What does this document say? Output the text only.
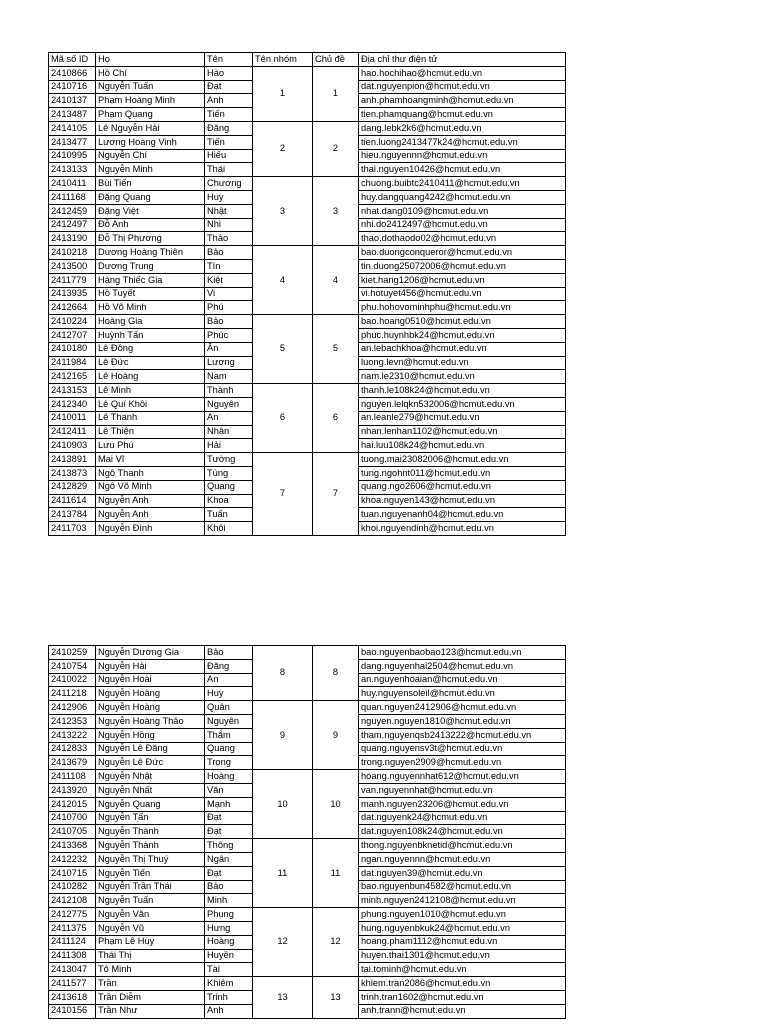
Mã số ID	Họ	Tên	Tên nhóm	Chủ đề	Địa chỉ thư điện tử
2410866	Hồ Chí	Hào	1	1	hao.hochihao@hcmut.edu.vn
2410716	Nguyễn Tuấn	Đạt			dat.nguyenpion@hcmut.edu.vn
2410137	Phạm Hoàng Minh	Anh			anh.phamhoangminh@hcmut.edu.vn
2413487	Phạm Quang	Tiến			tien.phamquang@hcmut.edu.vn
2414105	Lê Nguyễn Hải	Đăng	2	2	dang.lebk2k6@hcmut.edu.vn
2413477	Lương Hoàng Vinh	Tiến			tien.luong2413477k24@hcmut.edu.vn
2410995	Nguyễn Chí	Hiếu			hieu.nguyennn@hcmut.edu.vn
2413133	Nguyễn Minh	Thái			thai.nguyen10426@hcmut.edu.vn
2410411	Bùi Tiến	Chương	3	3	chuong.buibtc2410411@hcmut.edu.vn
2411168	Đặng Quang	Huy			huy.dangquang4242@hcmut.edu.vn
2412459	Đặng Việt	Nhật			nhat.dang0109@hcmut.edu.vn
2412497	Đỗ Anh	Nhi			nhi.do2412497@hcmut.edu.vn
2413190	Đỗ Thị Phương	Thảo			thao.dothaodo02@hcmut.edu.vn
2410218	Dương Hoàng Thiên	Bảo	4	4	bao.duongconqueror@hcmut.edu.vn
2413500	Dương Trung	Tín			tin.duong25072006@hcmut.edu.vn
2411779	Hàng Thiếc Gia	Kiệt			kiet.hang1206@hcmut.edu.vn
2413935	Hồ Tuyết	Vi			vi.hotuyet456@hcmut.edu.vn
2412664	Hồ Võ Minh	Phú			phu.hohovominhphu@hcmut.edu.vn
2410224	Hoàng Gia	Bảo	5	5	bao.hoang0510@hcmut.edu.vn
2412707	Huỳnh Tấn	Phúc			phuc.huynhbk24@hcmut.edu.vn
2410180	Lê Đông	Ân			an.lebachkhoa@hcmut.edu.vn
2411984	Lê Đức	Lương			luong.levn@hcmut.edu.vn
2412165	Lê Hoàng	Nam			nam.le2310@hcmut.edu.vn
2413153	Lê Minh	Thành	6	6	thanh.le108k24@hcmut.edu.vn
2412340	Lê Quí Khôi	Nguyên			nguyen.lelqkn532006@hcmut.edu.vn
2410011	Lê Thanh	An			an.leanle279@hcmut.edu.vn
2412411	Lê Thiện	Nhân			nhan.lenhan1102@hcmut.edu.vn
2410903	Lưu Phú	Hải			hai.luu108k24@hcmut.edu.vn
2413891	Mai Vĩ	Tường	7	7	tuong.mai23082006@hcmut.edu.vn
2413873	Ngô Thanh	Tùng			tung.ngohnt011@hcmut.edu.vn
2412829	Ngô Võ Minh	Quang			quang.ngo2606@hcmut.edu.vn
2411614	Nguyễn Anh	Khoa			khoa.nguyen143@hcmut.edu.vn
2413784	Nguyễn Anh	Tuấn			tuan.nguyenanh04@hcmut.edu.vn
2411703	Nguyễn Đình	Khôi			khoi.nguyendinh@hcmut.edu.vn
2410259	Nguyễn Dương Gia	Bảo	8	8	bao.nguyenbaobao123@hcmut.edu.vn
2410754	Nguyễn Hải	Đăng			dang.nguyenhai2504@hcmut.edu.vn
2410022	Nguyễn Hoài	An			an.nguyenhoaian@hcmut.edu.vn
2411218	Nguyễn Hoàng	Huy			huy.nguyensoleil@hcmut.edu.vn
2412906	Nguyễn Hoàng	Quân	9	9	quan.nguyen2412906@hcmut.edu.vn
2412353	Nguyễn Hoàng Thảo	Nguyên			nguyen.nguyen1810@hcmut.edu.vn
2413222	Nguyễn Hồng	Thắm			tham.nguyenqsb2413222@hcmut.edu.vn
2412833	Nguyễn Lê Đăng	Quang			quang.nguyensv3t@hcmut.edu.vn
2413679	Nguyễn Lê Đức	Trọng			trong.nguyen2909@hcmut.edu.vn
2411108	Nguyễn Nhật	Hoàng	10	10	hoang.nguyennhat612@hcmut.edu.vn
2413920	Nguyễn Nhất	Văn			van.nguyennhat@hcmut.edu.vn
2412015	Nguyễn Quang	Mạnh			manh.nguyen23206@hcmut.edu.vn
2410700	Nguyễn Tấn	Đạt			dat.nguyenk24@hcmut.edu.vn
2410705	Nguyễn Thành	Đạt			dat.nguyen108k24@hcmut.edu.vn
2413368	Nguyễn Thành	Thông	11	11	thong.nguyenbknetid@hcmut.edu.vn
2412232	Nguyễn Thị Thuý	Ngân			ngan.nguyennn@hcmut.edu.vn
2410715	Nguyễn Tiến	Đạt			dat.nguyen39@hcmut.edu.vn
2410282	Nguyễn Trần Thái	Bảo			bao.nguyenbun4582@hcmut.edu.vn
2412108	Nguyễn Tuấn	Minh			minh.nguyen2412108@hcmut.edu.vn
2412775	Nguyễn Văn	Phụng	12	12	phung.nguyen1010@hcmut.edu.vn
2411375	Nguyễn Vũ	Hưng			hung.nguyenbkuk24@hcmut.edu.vn
2411124	Phạm Lê Huy	Hoàng			hoang.pham1112@hcmut.edu.vn
2411308	Thái Thị	Huyền			huyen.thai1301@hcmut.edu.vn
2413047	Tô Minh	Tài			tai.tominh@hcmut.edu.vn
2411577	Trần	Khiêm	13	13	khiem.tran2086@hcmut.edu.vn
2413618	Trần Diễm	Trinh			trinh.tran1602@hcmut.edu.vn
2410156	Trần Như	Anh			anh.trann@hcmut.edu.vn
